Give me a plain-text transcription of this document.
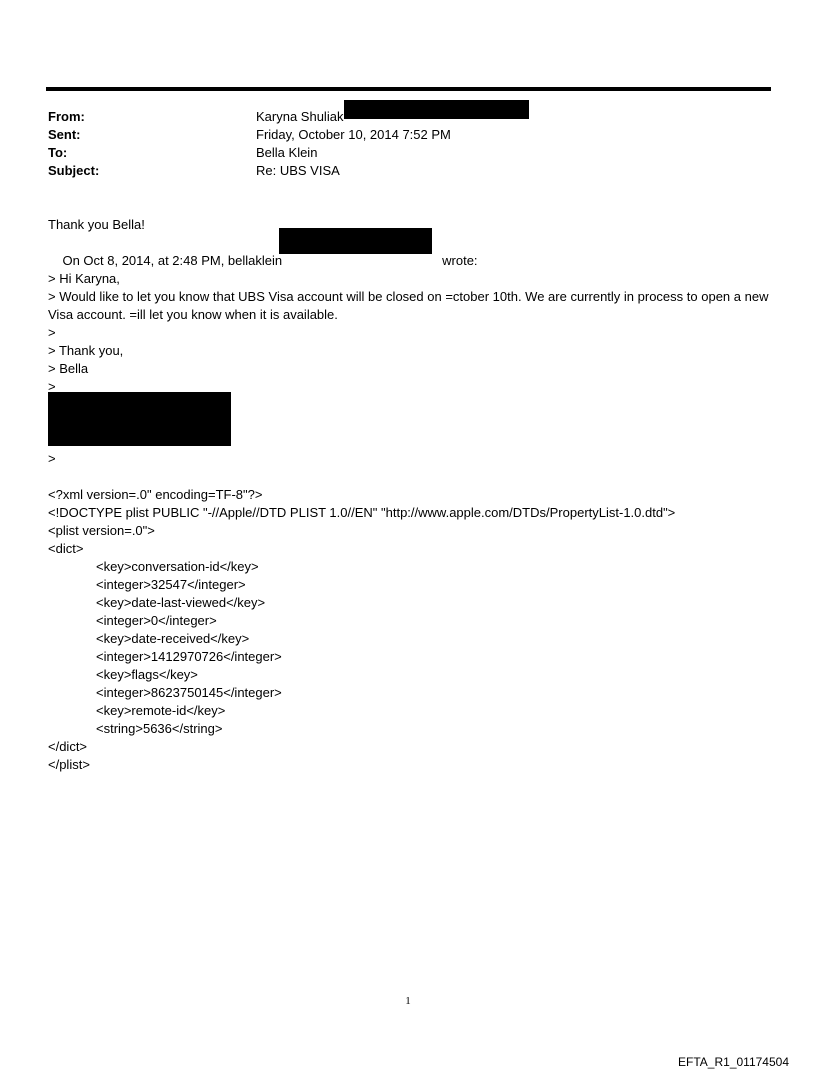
From:	Karyna Shuliak
Sent:	Friday, October 10, 2014 7:52 PM
To:	Bella Klein
Subject:	Re: UBS VISA
Thank you Bella!

On Oct 8, 2014, at 2:48 PM, bellaklein	wrote:

> Hi Karyna,
> Would like to let you know that UBS Visa account will be closed on =ctober 10th. We are currently in process to open a new Visa account. =ill let you know when it is available.
>
> Thank you,
> Bella
>
>
<?xml version=.0" encoding=TF-8"?>
<!DOCTYPE plist PUBLIC "-//Apple//DTD PLIST 1.0//EN" "http://www.apple.com/DTDs/PropertyList-1.0.dtd">
<plist version=.0">
<dict>
<key>conversation-id</key>
<integer>32547</integer>
<key>date-last-viewed</key>
<integer>0</integer>
<key>date-received</key>
<integer>1412970726</integer>
<key>flags</key>
<integer>8623750145</integer>
<key>remote-id</key>
<string>5636</string>
</dict>
</plist>
1
EFTA_R1_01174504
